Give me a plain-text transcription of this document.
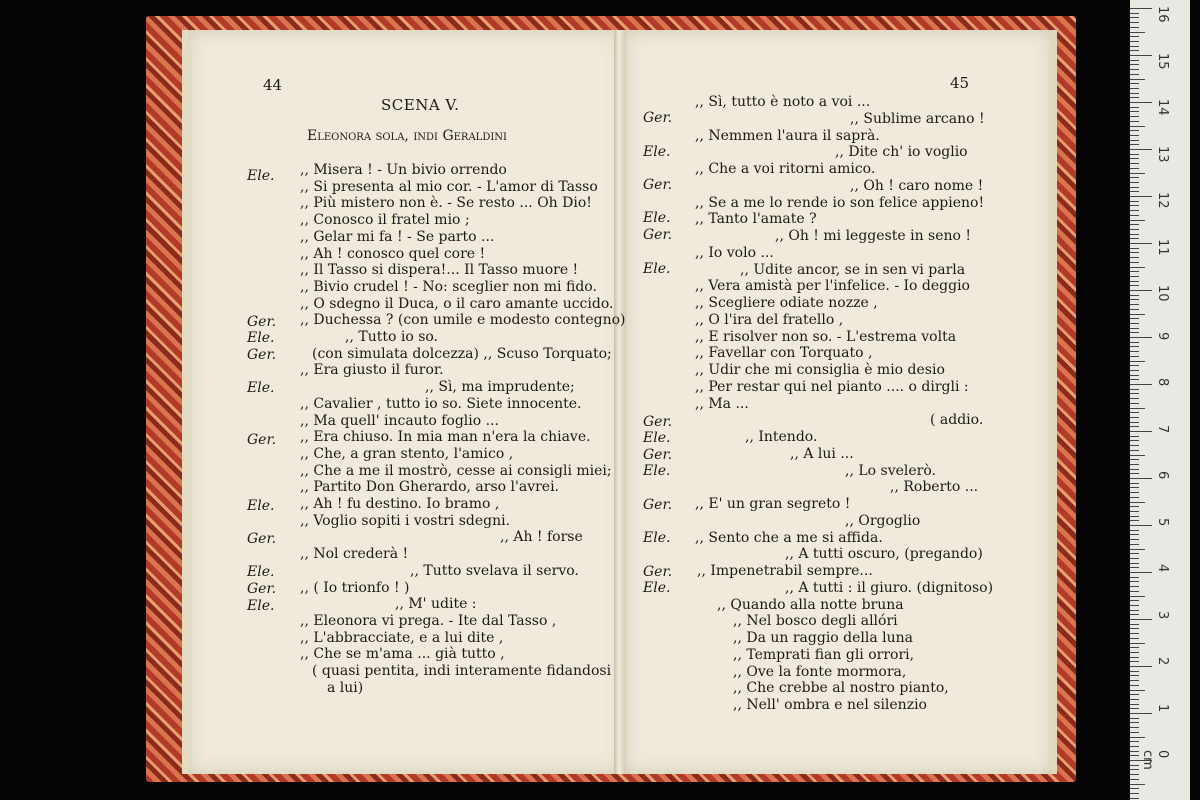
44
SCENA V.
Eleonora sola, indi Geraldini
Ele.
Ger.
Ele.
Ger.
Ele.
Ger.
Ele.
Ger.
Ele.
Ger.
Ele.
,, Misera ! - Un bivio orrendo
,, Si presenta al mio cor. - L'amor di Tasso
,, Più mistero non è. - Se resto ... Oh Dio!
,, Conosco il fratel mio ;
,, Gelar mi fa ! - Se parto ...
,, Ah ! conosco quel core !
,, Il Tasso si dispera!... Il Tasso muore !
,, Bivio crudel ! - No: sceglier non mi fido.
,, O sdegno il Duca, o il caro amante uccido.
,, Duchessa ? (con umile e modesto contegno)
,, Tutto io so.
(con simulata dolcezza) ,, Scuso Torquato;
,, Era giusto il furor.
,, Sì, ma imprudente;
,, Cavalier , tutto io so. Siete innocente.
,, Ma quell' incauto foglio ...
,, Era chiuso. In mia man n'era la chiave.
,, Che, a gran stento, l'amico ,
,, Che a me il mostrò, cesse ai consigli miei;
,, Partito Don Gherardo, arso l'avrei.
,, Ah ! fu destino. Io bramo ,
,, Voglio sopiti i vostri sdegni.
,, Ah ! forse
,, Nol crederà !
,, Tutto svelava il servo.
,, ( Io trionfo ! )
,, M' udite :
,, Eleonora vi prega. - Ite dal Tasso ,
,, L'abbracciate, e a lui dite ,
,, Che se m'ama ... già tutto ,
( quasi pentita, indi interamente fidandosi
a lui)
45
Ger.
Ele.
Ger.
Ele.
Ger.
Ele.
Ger.
Ele.
Ger.
Ele.
Ger.
Ele.
Ger.
Ele.
,, Sì, tutto è noto a voi ...
,, Sublime arcano !
,, Nemmen l'aura il saprà.
,, Dite ch' io voglio
,, Che a voi ritorni amico.
,, Oh ! caro nome !
,, Se a me lo rende io son felice appieno!
,, Tanto l'amate ?
,, Oh ! mi leggeste in seno !
,, Io volo ...
,, Udite ancor, se in sen vi parla
,, Vera amistà per l'infelice. - Io deggio
,, Scegliere odiate nozze ,
,, O l'ira del fratello ,
,, E risolver non so. - L'estrema volta
,, Favellar con Torquato ,
,, Udir che mi consiglia è mio desio
,, Per restar qui nel pianto .... o dirgli :
,, Ma ...
( addio.
,, Intendo.
,, A lui ...
,, Lo svelerò.
,, Roberto ...
,, E' un gran segreto !
,, Orgoglio
,, Sento che a me si affida.
,, A tutti oscuro, (pregando)
,, Impenetrabil sempre...
,, A tutti : il giuro. (dignitoso)
,, Quando alla notte bruna
,, Nel bosco degli allóri
,, Da un raggio della luna
,, Temprati fian gli orrori,
,, Ove la fonte mormora,
,, Che crebbe al nostro pianto,
,, Nell' ombra e nel silenzio
16
15
14
13
12
11
10
9
8
7
6
5
4
3
2
1
0 cm
